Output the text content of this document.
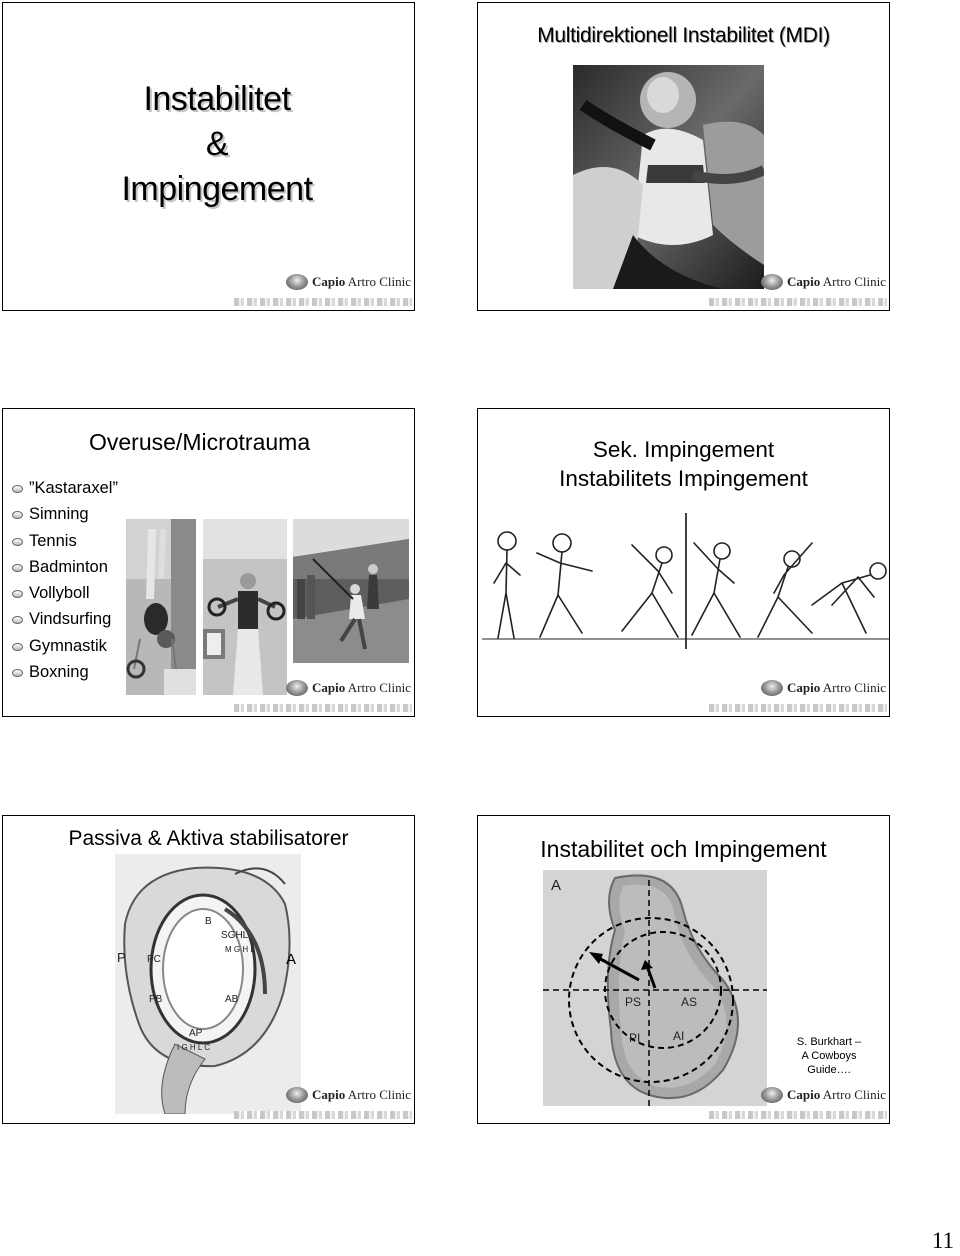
Instabilitet
&
Impingement
Capio Artro Clinic
Multidirektionell Instabilitet (MDI)
Capio Artro Clinic
Overuse/Microtrauma
”Kastaraxel”
Simning
Tennis
Badminton
Vollyboll
Vindsurfing
Gymnastik
Boxning
Capio Artro Clinic
Sek. Impingement
Instabilitets Impingement
Capio Artro Clinic
Passiva & Aktiva stabilisatorer
P PC
B
SGHL
M G H L
PB	AB
AP
I G H L C
A
Capio Artro Clinic
Instabilitet och Impingement
A
PS	AS
PI	AI	S. Burkhart –
A Cowboys
Guide….
Capio Artro Clinic
11
